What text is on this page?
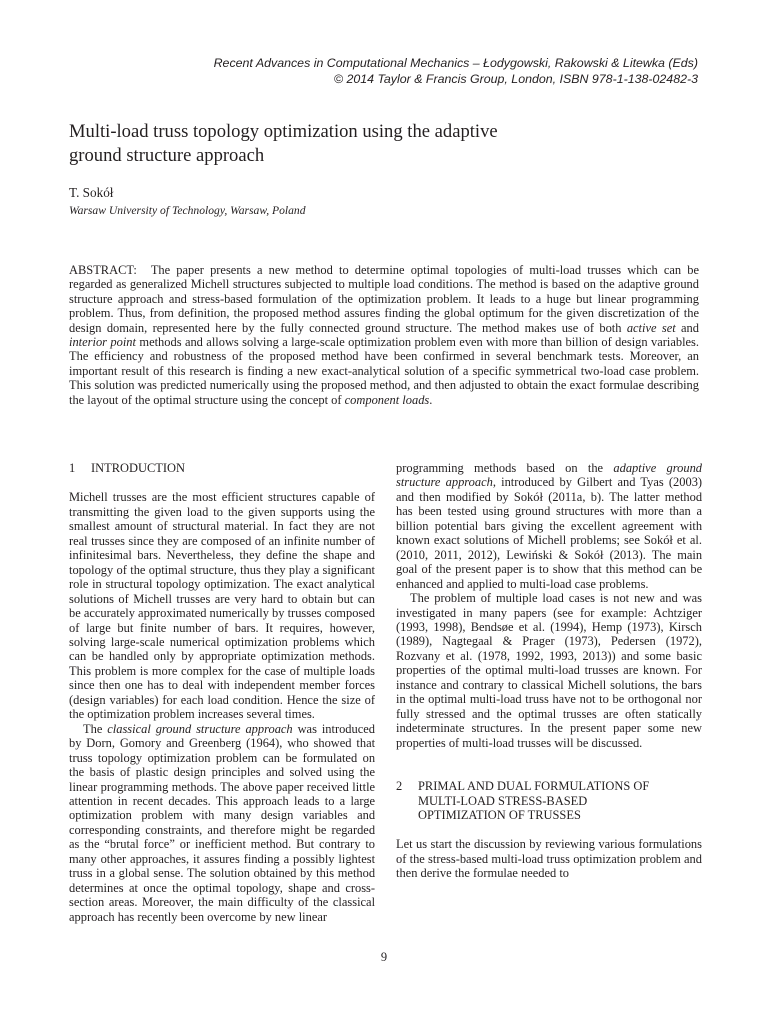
Recent Advances in Computational Mechanics – Łodygowski, Rakowski & Litewka (Eds)
© 2014 Taylor & Francis Group, London, ISBN 978-1-138-02482-3
Multi-load truss topology optimization using the adaptive
ground structure approach
T. Sokół
Warsaw University of Technology, Warsaw, Poland
ABSTRACT: The paper presents a new method to determine optimal topologies of multi-load trusses which can be regarded as generalized Michell structures subjected to multiple load conditions. The method is based on the adaptive ground structure approach and stress-based formulation of the optimization problem. It leads to a huge but linear programming problem. Thus, from definition, the proposed method assures finding the global optimum for the given discretization of the design domain, represented here by the fully connected ground structure. The method makes use of both active set and interior point methods and allows solving a large-scale optimization problem even with more than billion of design variables. The efficiency and robustness of the proposed method have been confirmed in several benchmark tests. Moreover, an important result of this research is finding a new exact-analytical solution of a specific symmetrical two-load case problem. This solution was predicted numerically using the proposed method, and then adjusted to obtain the exact formulae describing the layout of the optimal structure using the concept of component loads.
1	INTRODUCTION

Michell trusses are the most efficient structures capable of transmitting the given load to the given supports using the smallest amount of structural material. In fact they are not real trusses since they are composed of an infinite number of infinitesimal bars. Nevertheless, they define the shape and topology of the optimal structure, thus they play a significant role in structural topology optimization. The exact analytical solutions of Michell trusses are very hard to obtain but can be accurately approximated numerically by trusses composed of large but finite number of bars. It requires, however, solving large-scale numerical optimization problems which can be handled only by appropriate optimization methods. This problem is more complex for the case of multiple loads since then one has to deal with independent member forces (design variables) for each load condition. Hence the size of the optimization problem increases several times.

The classical ground structure approach was introduced by Dorn, Gomory and Greenberg (1964), who showed that truss topology optimization problem can be formulated on the basis of plastic design principles and solved using the linear programming methods. The above paper received little attention in recent decades. This approach leads to a large optimization problem with many design variables and corresponding constraints, and therefore might be regarded as the “brutal force” or inefficient method. But contrary to many other approaches, it assures finding a possibly lightest truss in a global sense. The solution obtained by this method determines at once the optimal topology, shape and cross-section areas. Moreover, the main difficulty of the classical approach has recently been overcome by new linear

programming methods based on the adaptive ground structure approach, introduced by Gilbert and Tyas (2003) and then modified by Sokół (2011a, b). The latter method has been tested using ground structures with more than a billion potential bars giving the excellent agreement with known exact solutions of Michell problems; see Sokół et al. (2010, 2011, 2012), Lewiński & Sokół (2013). The main goal of the present paper is to show that this method can be enhanced and applied to multi-load case problems.

The problem of multiple load cases is not new and was investigated in many papers (see for example: Achtziger (1993, 1998), Bendsøe et al. (1994), Hemp (1973), Kirsch (1989), Nagtegaal & Prager (1973), Pedersen (1972), Rozvany et al. (1978, 1992, 1993, 2013)) and some basic properties of the optimal multi-load trusses are known. For instance and contrary to classical Michell solutions, the bars in the optimal multi-load truss have not to be orthogonal nor fully stressed and the optimal trusses are often statically indeterminate structures. In the present paper some new properties of multi-load trusses will be discussed.

2	PRIMAL AND DUAL FORMULATIONS OF
MULTI-LOAD STRESS-BASED
OPTIMIZATION OF TRUSSES

Let us start the discussion by reviewing various formulations of the stress-based multi-load truss optimization problem and then derive the formulae needed to

9
